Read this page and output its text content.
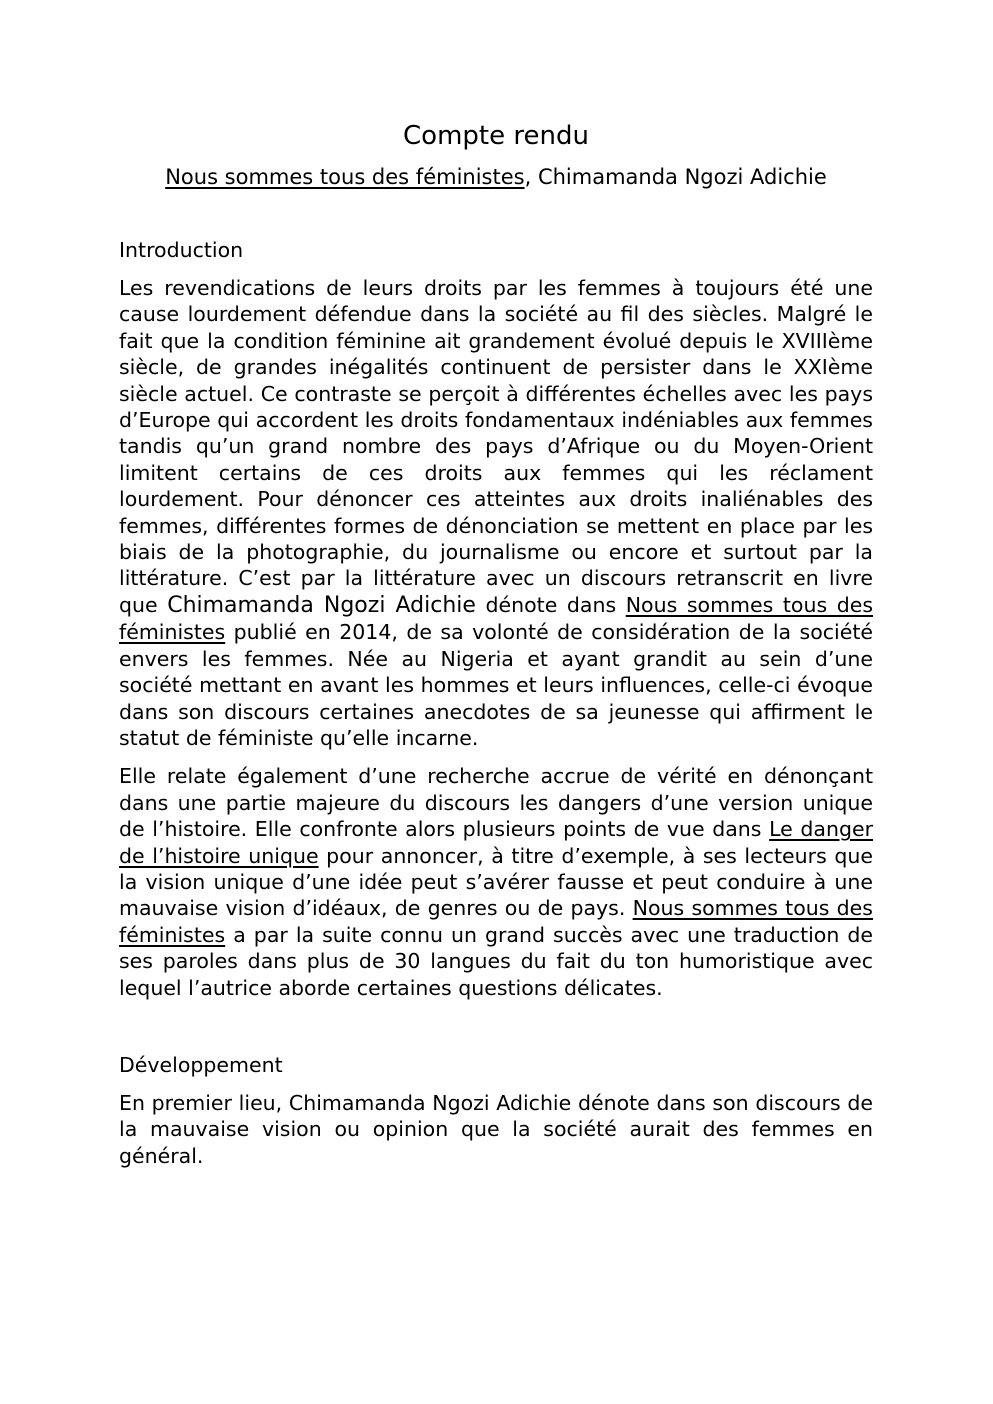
Compte rendu
Nous sommes tous des féministes, Chimamanda Ngozi Adichie
Introduction

Les revendications de leurs droits par les femmes à toujours été une cause lourdement défendue dans la société au fil des siècles. Malgré le fait que la condition féminine ait grandement évolué depuis le XVIIIème siècle, de grandes inégalités continuent de persister dans le XXIème siècle actuel. Ce contraste se perçoit à différentes échelles avec les pays d’Europe qui accordent les droits fondamentaux indéniables aux femmes tandis qu’un grand nombre des pays d’Afrique ou du Moyen-Orient limitent certains de ces droits aux femmes qui les réclament lourdement. Pour dénoncer ces atteintes aux droits inaliénables des femmes, différentes formes de dénonciation se mettent en place par les biais de la photographie, du journalisme ou encore et surtout par la littérature. C’est par la littérature avec un discours retranscrit en livre que Chimamanda Ngozi Adichie dénote dans Nous sommes tous des féministes publié en 2014, de sa volonté de considération de la société envers les femmes. Née au Nigeria et ayant grandit au sein d’une société mettant en avant les hommes et leurs influences, celle-ci évoque dans son discours certaines anecdotes de sa jeunesse qui affirment le statut de féministe qu’elle incarne.

Elle relate également d’une recherche accrue de vérité en dénonçant dans une partie majeure du discours les dangers d’une version unique de l’histoire. Elle confronte alors plusieurs points de vue dans Le danger de l’histoire unique pour annoncer, à titre d’exemple, à ses lecteurs que la vision unique d’une idée peut s’avérer fausse et peut conduire à une mauvaise vision d’idéaux, de genres ou de pays. Nous sommes tous des féministes a par la suite connu un grand succès avec une traduction de ses paroles dans plus de 30 langues du fait du ton humoristique avec lequel l’autrice aborde certaines questions délicates.

Développement

En premier lieu, Chimamanda Ngozi Adichie dénote dans son discours de la mauvaise vision ou opinion que la société aurait des femmes en général.
